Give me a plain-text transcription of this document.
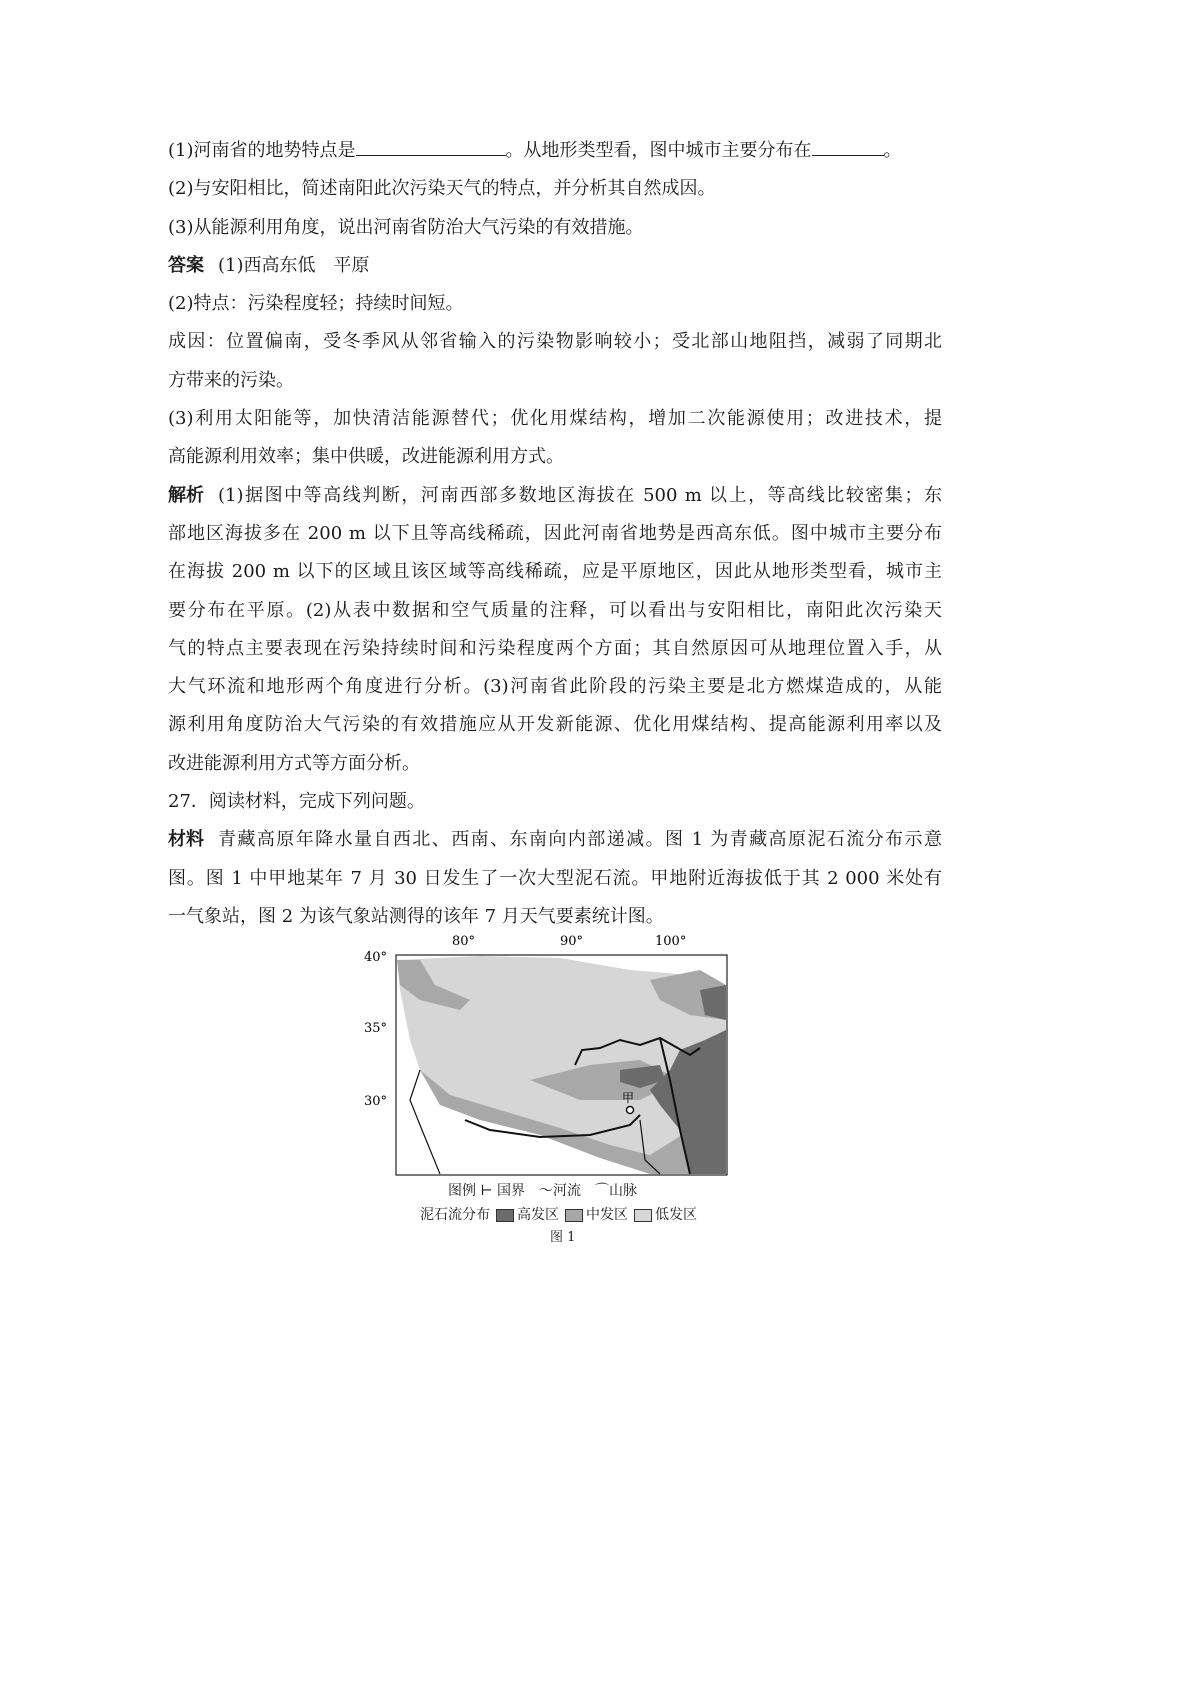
(1)河南省的地势特点是	。从地形类型看，图中城市主要分布在	。
(2)与安阳相比，简述南阳此次污染天气的特点，并分析其自然成因。
(3)从能源利用角度，说出河南省防治大气污染的有效措施。
答案 (1)西高东低　平原
(2)特点：污染程度轻；持续时间短。
成因：位置偏南，受冬季风从邻省输入的污染物影响较小；受北部山地阻挡，减弱了同期北
方带来的污染。
(3)利用太阳能等，加快清洁能源替代；优化用煤结构，增加二次能源使用；改进技术，提
高能源利用效率；集中供暖，改进能源利用方式。
解析 (1)据图中等高线判断，河南西部多数地区海拔在 500 m 以上，等高线比较密集；东
部地区海拔多在 200 m 以下且等高线稀疏，因此河南省地势是西高东低。图中城市主要分布
在海拔 200 m 以下的区域且该区域等高线稀疏，应是平原地区，因此从地形类型看，城市主
要分布在平原。(2)从表中数据和空气质量的注释，可以看出与安阳相比，南阳此次污染天
气的特点主要表现在污染持续时间和污染程度两个方面；其自然原因可从地理位置入手，从
大气环流和地形两个角度进行分析。(3)河南省此阶段的污染主要是北方燃煤造成的，从能
源利用角度防治大气污染的有效措施应从开发新能源、优化用煤结构、提高能源利用率以及
改进能源利用方式等方面分析。
27．阅读材料，完成下列问题。
材料 青藏高原年降水量自西北、西南、东南向内部递减。图 1 为青藏高原泥石流分布示意
图。图 1 中甲地某年 7 月 30 日发生了一次大型泥石流。甲地附近海拔低于其 2 000 米处有
一气象站，图 2 为该气象站测得的该年 7 月天气要素统计图。
80°	90°	100°
40°
35°
30°	甲
图例 ⊢ 国界　 〜河流　 ⌒山脉
泥石流分布 高发区 中发区 低发区
图 1
